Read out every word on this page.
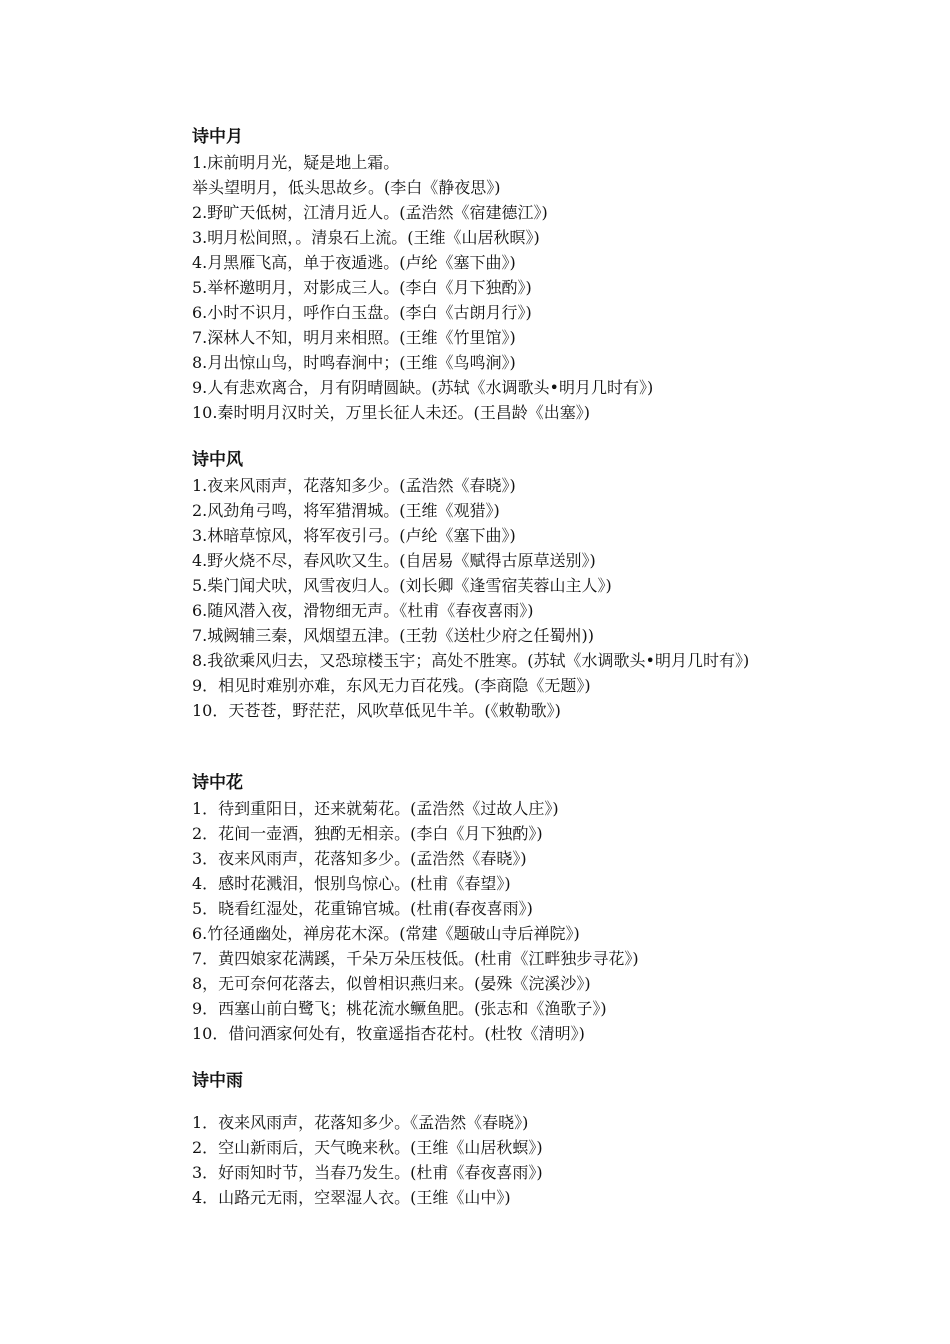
诗中月
1.床前明月光，疑是地上霜。
举头望明月，低头思故乡。(李白《静夜思》)
2.野旷天低树，江清月近人。(孟浩然《宿建德江》)
3.明月松间照，。清泉石上流。(王维《山居秋暝》)
4.月黑雁飞高，单于夜遁逃。(卢纶《塞下曲》)
5.举杯邀明月，对影成三人。(李白《月下独酌》)
6.小时不识月，呼作白玉盘。(李白《古朗月行》)
7.深林人不知，明月来相照。(王维《竹里馆》)
8.月出惊山鸟，时鸣春涧中；(王维《鸟鸣涧》)
9.人有悲欢离合，月有阴晴圆缺。(苏轼《水调歌头•明月几时有》)
10.秦时明月汉时关，万里长征人未还。(王昌龄《出塞》)
诗中风
1.夜来风雨声，花落知多少。(孟浩然《春晓》)
2.风劲角弓鸣，将军猎渭城。(王维《观猎》)
3.林暗草惊风，将军夜引弓。(卢纶《塞下曲》)
4.野火烧不尽，春风吹又生。(自居易《赋得古原草送别》)
5.柴门闻犬吠，风雪夜归人。(刘长卿《逢雪宿芙蓉山主人》)
6.随风潜入夜，滑物细无声。《杜甫《春夜喜雨》)
7.城阙辅三秦，风烟望五津。(王勃《送杜少府之任蜀州))
8.我欲乘风归去，又恐琼楼玉宇；高处不胜寒。(苏轼《水调歌头•明月几时有》)
9．相见时难别亦难，东风无力百花残。(李商隐《无题》)
10．天苍苍，野茫茫，风吹草低见牛羊。(《敕勒歌》)
诗中花
1．待到重阳日，还来就菊花。(孟浩然《过故人庄》)
2．花间一壶酒，独酌无相亲。(李白《月下独酌》)
3．夜来风雨声，花落知多少。(孟浩然《春晓》)
4．感时花溅泪，恨别鸟惊心。(杜甫《春望》)
5．晓看红湿处，花重锦官城。(杜甫(春夜喜雨》)
6.竹径通幽处，禅房花木深。(常建《题破山寺后禅院》)
7．黄四娘家花满蹊，千朵万朵压枝低。(杜甫《江畔独步寻花》)
8，无可奈何花落去，似曾相识燕归来。(晏殊《浣溪沙》)
9．西塞山前白鹭飞；桃花流水鳜鱼肥。(张志和《渔歌子》)
10．借问酒家何处有，牧童遥指杏花村。(杜牧《清明》)
诗中雨
1．夜来风雨声，花落知多少。《孟浩然《春晓》)
2．空山新雨后，天气晚来秋。(王维《山居秋螟》)
3．好雨知时节，当春乃发生。(杜甫《春夜喜雨》)
4．山路元无雨，空翠湿人衣。(王维《山中》)
